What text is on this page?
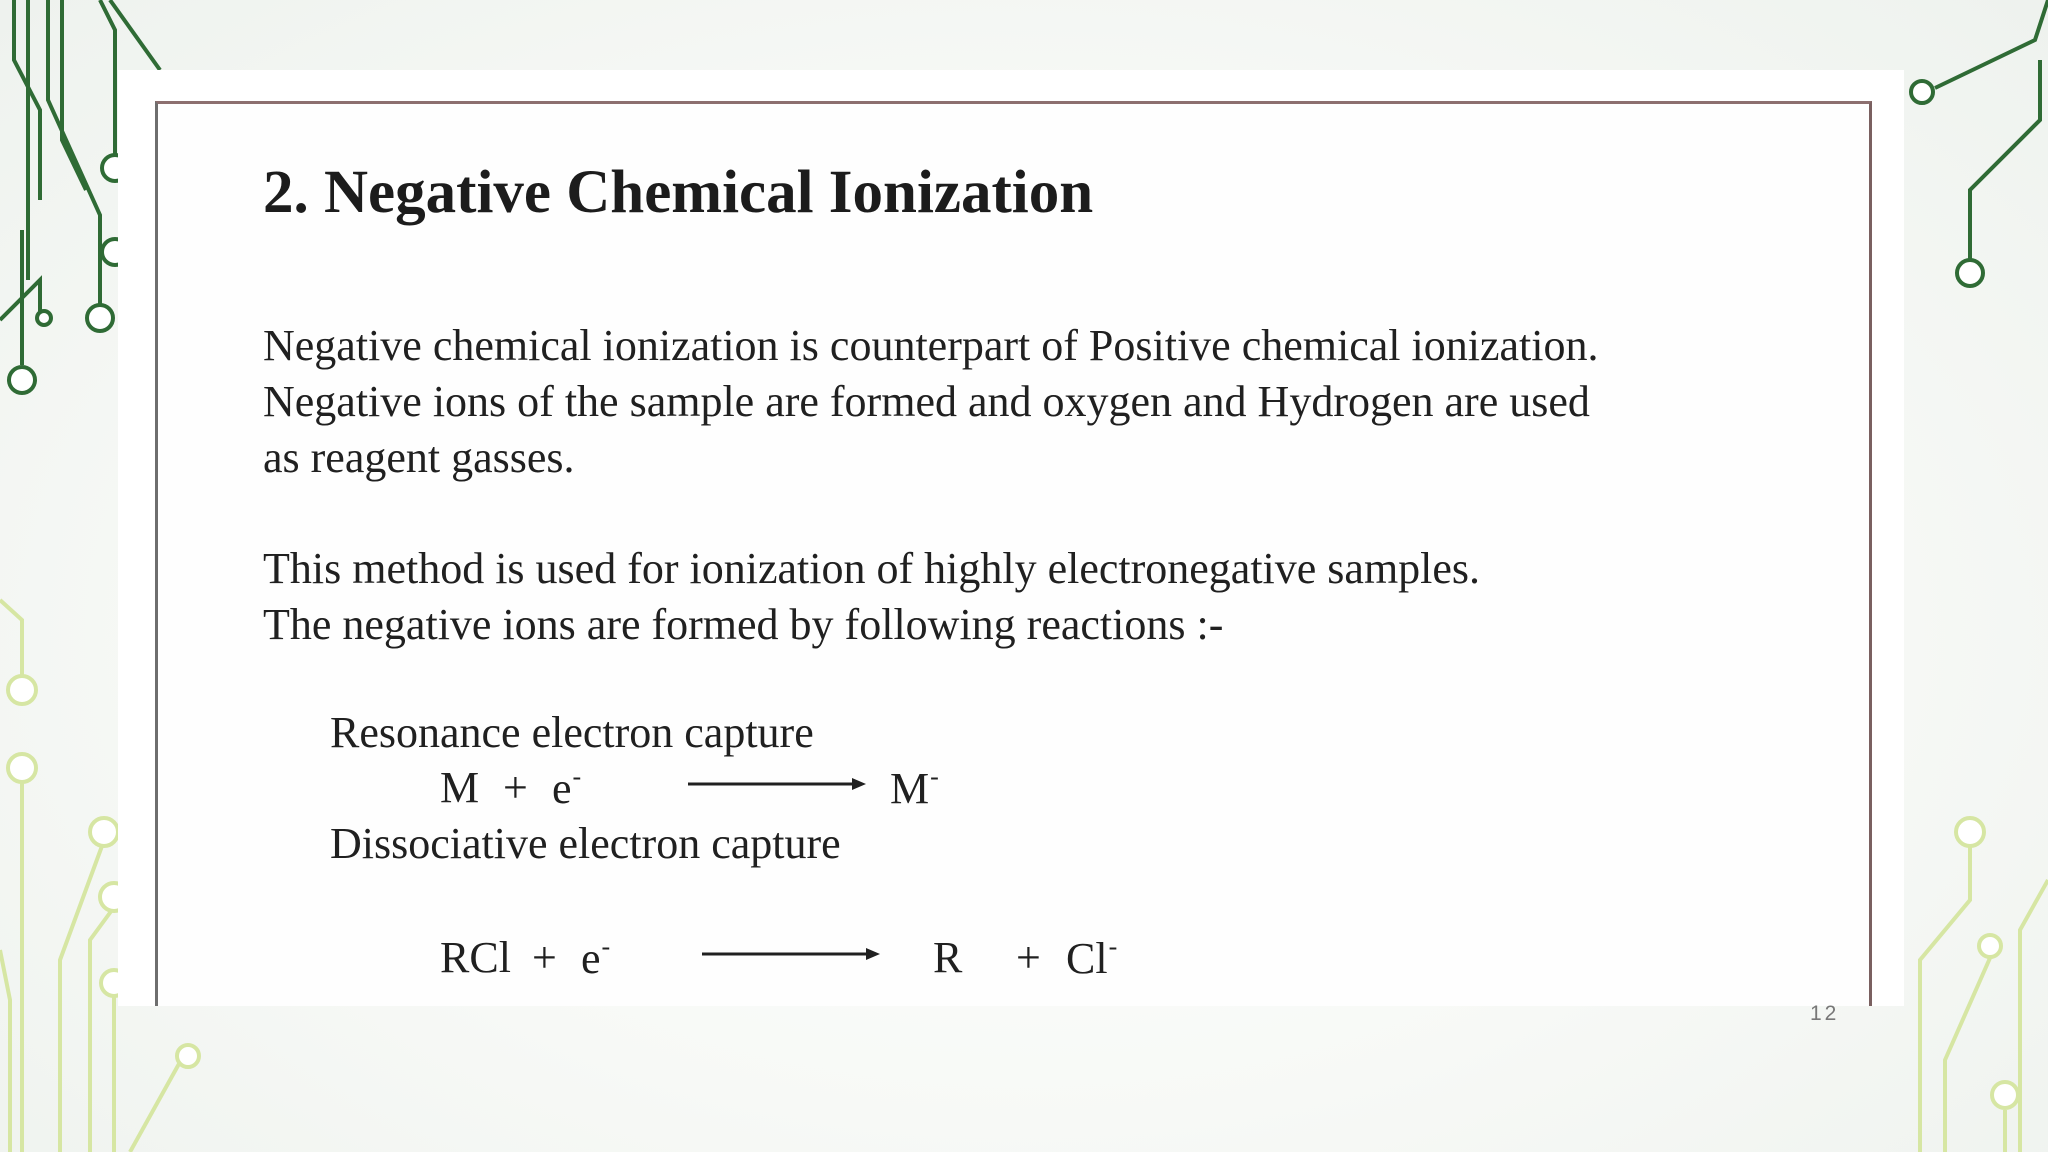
2. Negative Chemical Ionization

Negative chemical ionization is counterpart of Positive chemical ionization.
Negative ions of the sample are formed and oxygen and Hydrogen are used
as reagent gasses.

This method is used for ionization of highly electronegative samples.
The negative ions are formed by following reactions :-

Resonance electron capture

M + e-	M-

Dissociative electron capture

RCl + e-	R + Cl-
12
